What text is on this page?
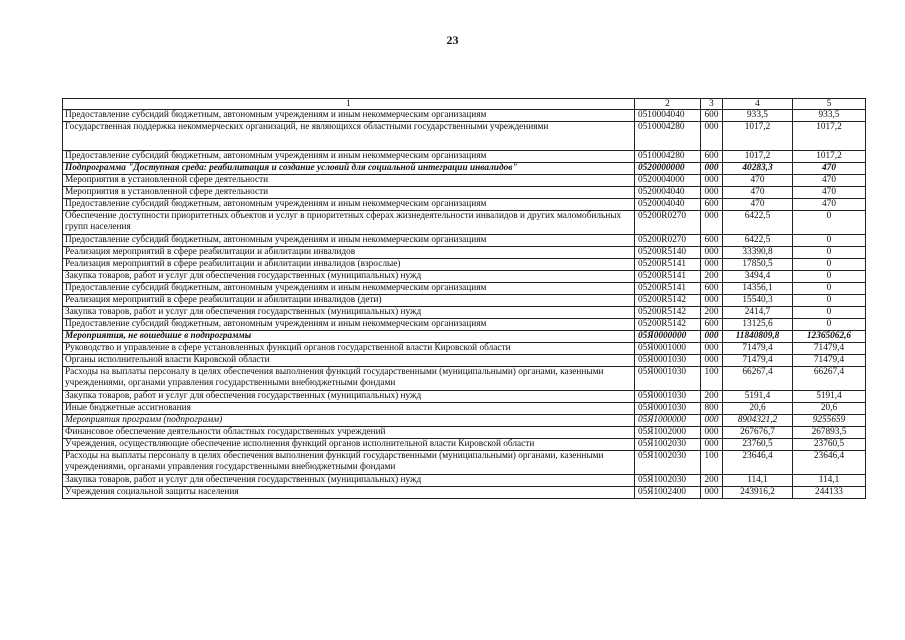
23
1	2	3	4	5
Предоставление субсидий бюджетным, автономным учреждениям и иным некоммерческим организациям	0510004040	600	933,5	933,5
Государственная поддержка некоммерческих организаций, не являющихся областными государственными учреждениями	0510004280	000	1017,2	1017,2
Предоставление субсидий бюджетным, автономным учреждениям и иным некоммерческим организациям	0510004280	600	1017,2	1017,2
Подпрограмма "Доступная среда: реабилитация и создание условий для социальной интеграции инвалидов"	0520000000	000	40283,3	470
Мероприятия в установленной сфере деятельности	0520004000	000	470	470
Мероприятия в установленной сфере деятельности	0520004040	000	470	470
Предоставление субсидий бюджетным, автономным учреждениям и иным некоммерческим организациям	0520004040	600	470	470
Обеспечение доступности приоритетных объектов и услуг в приоритетных сферах жизнедеятельности инвалидов и других маломобильных групп населения	05200R0270	000	6422,5	0
Предоставление субсидий бюджетным, автономным учреждениям и иным некоммерческим организациям	05200R0270	600	6422,5	0
Реализация мероприятий в сфере реабилитации и абилитации инвалидов	05200R5140	000	33390,8	0
Реализация мероприятий в сфере реабилитации и абилитации инвалидов (взрослые)	05200R5141	000	17850,5	0
Закупка товаров, работ и услуг для обеспечения государственных (муниципальных) нужд	05200R5141	200	3494,4	0
Предоставление субсидий бюджетным, автономным учреждениям и иным некоммерческим организациям	05200R5141	600	14356,1	0
Реализация мероприятий в сфере реабилитации и абилитации инвалидов (дети)	05200R5142	000	15540,3	0
Закупка товаров, работ и услуг для обеспечения государственных (муниципальных) нужд	05200R5142	200	2414,7	0
Предоставление субсидий бюджетным, автономным учреждениям и иным некоммерческим организациям	05200R5142	600	13125,6	0
Мероприятия, не вошедшие в подпрограммы	05Я0000000	000	11840809,8	12365062,6
Руководство и управление в сфере установленных функций органов государственной власти Кировской области	05Я0001000	000	71479,4	71479,4
Органы исполнительной власти Кировской области	05Я0001030	000	71479,4	71479,4
Расходы на выплаты персоналу в целях обеспечения выполнения функций государственными (муниципальными) органами, казенными учреждениями, органами управления государственными внебюджетными фондами	05Я0001030	100	66267,4	66267,4
Закупка товаров, работ и услуг для обеспечения государственных (муниципальных) нужд	05Я0001030	200	5191,4	5191,4
Иные бюджетные ассигнования	05Я0001030	800	20,6	20,6
Мероприятия программ (подпрограмм)	05Я1000000	000	8904321,2	9255659
Финансовое обеспечение деятельности областных государственных учреждений	05Я1002000	000	267676,7	267893,5
Учреждения, осуществляющие обеспечение исполнения функций органов исполнительной власти Кировской области	05Я1002030	000	23760,5	23760,5
Расходы на выплаты персоналу в целях обеспечения выполнения функций государственными (муниципальными) органами, казенными учреждениями, органами управления государственными внебюджетными фондами	05Я1002030	100	23646,4	23646,4
Закупка товаров, работ и услуг для обеспечения государственных (муниципальных) нужд	05Я1002030	200	114,1	114,1
Учреждения социальной защиты населения	05Я1002400	000	243916,2	244133
